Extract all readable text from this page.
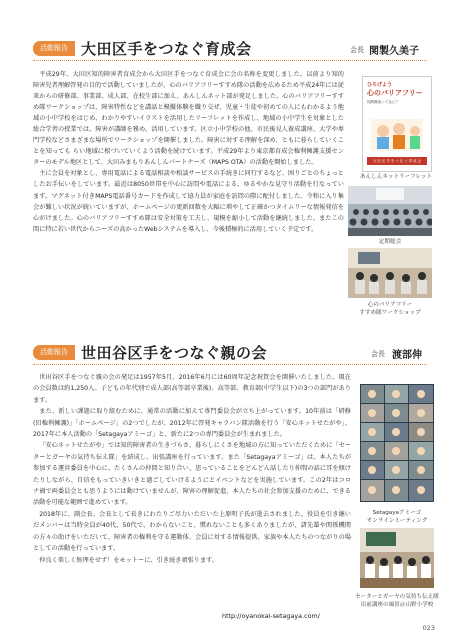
活動報告 大田区手をつなぐ育成会	会長 関製久美子

平成29年、大田区知的障害者育成会から大田区手をつなぐ育成会に会の名称を変更しました。以前より知的障害児者理解啓発の目的で活動していましたが、心のバリアフリーすすめ隊の活動を広めるため平成24年には従来からの研修部、事業部、成人部、在校生部に加え、あんしんネット部が発足しました。心のバリアフリーすすめ隊ワークショップは、障害特性などを講話と模擬体験を織り交ぜ、児童・生徒や初めての人にもわかるよう地域の小中学校をはじめ、わかりやすいイラストを活用したリーフレットを作成し、地域の小中学生を対象とした総合学習の授業では、障害が講師を務め、活用しています。区立小中学校の他、市民後見人養成講座、大学や専門学校などさまざまな場所でワークショップを開催しました。障害に対する理解を深め、ともに暮らしていくことを知っても らい地域に根づいていくよう活動を続けています。平成29年より東京都育成会権利擁護支援センターのモデル地区として、大田みまもりあんしんパートナーズ（MAPS OTA）の活動を開始しました。

主に会員を対象とし、専用電話による電話相談や相談サービスの手続きに同行するなど、困りごとのちょっとしたお手伝いをしています。最近は8050世帯を中心に訪問や電話による、ゆるやかな見守り活動を行なっています。マグネット付きMAPS電話番号カードを作成して協力員が家庭を訪問の際に配付しました。令和に入り集会が難しい状況が続いていますが、ホームページの更新回数を大幅に増やして正確かつタイムリーな情報発信を心がけました。心のバリアフリーすすめ隊は安全対策を工夫し、規模を縮小して活動を継続しました。またこの間に特に若い世代からニーズの高かったWebシステムを導入し、今後積極的に活用していく予定です。

ひろげよう
心のバリアフリー
知的障害ってなに？
大 田 区 手 を つ な ぐ 育 成 会
あんしんネットリーフレット
定期総会
心のバリアフリー
すすめ隊ワークショップ
活動報告 世田谷区手をつなぐ親の会	会長 渡部伸

世田谷区手をつなぐ親の会の発足は1957年5月、2016年6月には60周年記念祝賀会を開催いたしました。現在の会員数は約1,250人。子どもの年代別で成人部(高等部卒業後)、高等部、教育部(中学生以下)の3つの部門があります。

また、新しい課題に取り組むために、通常の活動に加えて専門委員会が立ち上がっています。10年前は「研修(旧権利擁護)」「ホームページ」の2つでしたが、2012年に啓発キャラバン隊活動を行う「安心ネットせたがや」、2017年に本人活動の「Setagayaアミーゴ」と、新たに2つの専門委員会が生まれました。

「安心ネットせたがや」では知的障害者の生きづらさ、暮らしにくさを地域の方に知っていただくために「セーターとガーヤの気持ち伝え隊」を結成し、出張講座を行っています。また「Setagayaアミーゴ」は、本人たちが参加する運営委員を中心に、たくさんの仲間と知り合い、思っていることをどんどん話したり仲間の話に耳を傾けたりしながら、自信をもっていきいきと過ごしていけるようにとイベントなどを実施しています。この2年はコロナ禍で両委員会とも思うようには動けていませんが、障害の理解促進、本人たちの社会参加支援のために、できる活動を可能な範囲で進めています。

2018年に、副会長、会長として長きにわたりご尽力いただいた上原明子氏が逝去されました。役員を引き継いだメンバーは当時全員が40代、50代で、わからないこと、慣れないことも多くありましたが、諸先輩や関係機関の方々の助けをいただいて、障害者の権利を守る運動体、会員に対する情報提供、家族や本人たちのつながりの場としての活動を行っています。

仲良く楽しく無理をせず！をモットーに、引き続き頑張ります。

http://oyanokai-setagaya.com/
Setagayaアミーゴ
オンラインミーティング
セーターとガーヤの気持ち伝え隊
出前講座の風景＠山野小学校
023
